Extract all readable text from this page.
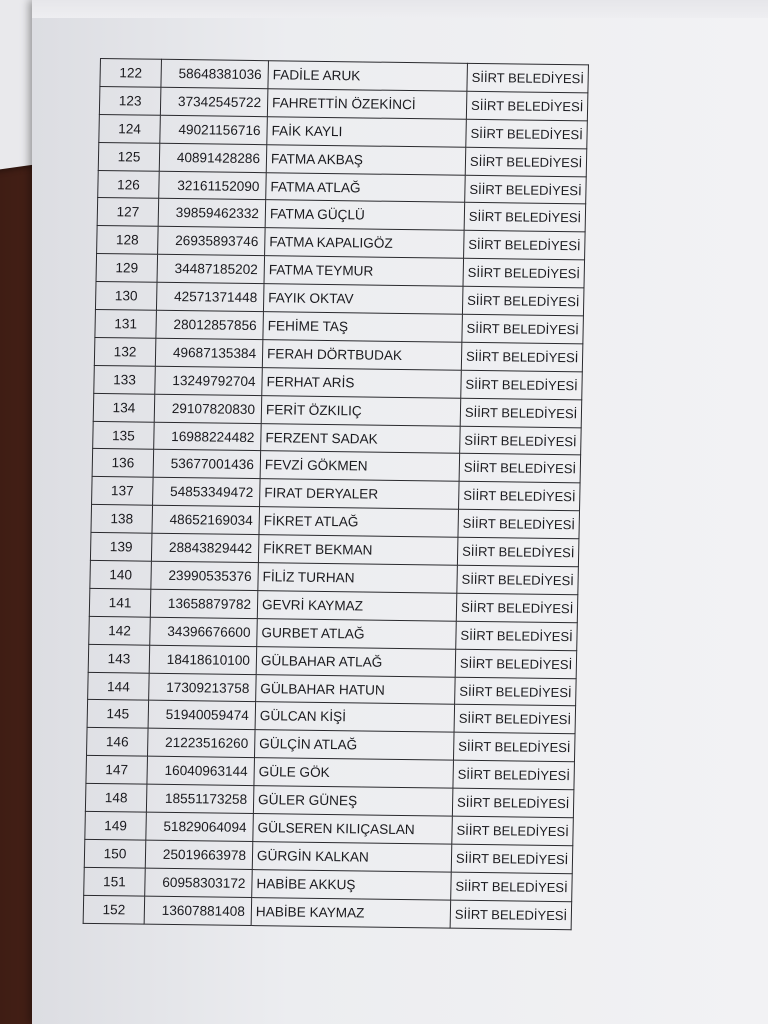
122	58648381036	FADİLE ARUK	SİİRT BELEDİYESİ
123	37342545722	FAHRETTİN ÖZEKİNCİ	SİİRT BELEDİYESİ
124	49021156716	FAİK KAYLI	SİİRT BELEDİYESİ
125	40891428286	FATMA AKBAŞ	SİİRT BELEDİYESİ
126	32161152090	FATMA ATLAĞ	SİİRT BELEDİYESİ
127	39859462332	FATMA GÜÇLÜ	SİİRT BELEDİYESİ
128	26935893746	FATMA KAPALIGÖZ	SİİRT BELEDİYESİ
129	34487185202	FATMA TEYMUR	SİİRT BELEDİYESİ
130	42571371448	FAYIK OKTAV	SİİRT BELEDİYESİ
131	28012857856	FEHİME TAŞ	SİİRT BELEDİYESİ
132	49687135384	FERAH DÖRTBUDAK	SİİRT BELEDİYESİ
133	13249792704	FERHAT ARİS	SİİRT BELEDİYESİ
134	29107820830	FERİT ÖZKILIÇ	SİİRT BELEDİYESİ
135	16988224482	FERZENT SADAK	SİİRT BELEDİYESİ
136	53677001436	FEVZİ GÖKMEN	SİİRT BELEDİYESİ
137	54853349472	FIRAT DERYALER	SİİRT BELEDİYESİ
138	48652169034	FİKRET ATLAĞ	SİİRT BELEDİYESİ
139	28843829442	FİKRET BEKMAN	SİİRT BELEDİYESİ
140	23990535376	FİLİZ TURHAN	SİİRT BELEDİYESİ
141	13658879782	GEVRİ KAYMAZ	SİİRT BELEDİYESİ
142	34396676600	GURBET ATLAĞ	SİİRT BELEDİYESİ
143	18418610100	GÜLBAHAR ATLAĞ	SİİRT BELEDİYESİ
144	17309213758	GÜLBAHAR HATUN	SİİRT BELEDİYESİ
145	51940059474	GÜLCAN KİŞİ	SİİRT BELEDİYESİ
146	21223516260	GÜLÇİN ATLAĞ	SİİRT BELEDİYESİ
147	16040963144	GÜLE GÖK	SİİRT BELEDİYESİ
148	18551173258	GÜLER GÜNEŞ	SİİRT BELEDİYESİ
149	51829064094	GÜLSEREN KILIÇASLAN	SİİRT BELEDİYESİ
150	25019663978	GÜRGİN KALKAN	SİİRT BELEDİYESİ
151	60958303172	HABİBE AKKUŞ	SİİRT BELEDİYESİ
152	13607881408	HABİBE KAYMAZ	SİİRT BELEDİYESİ
